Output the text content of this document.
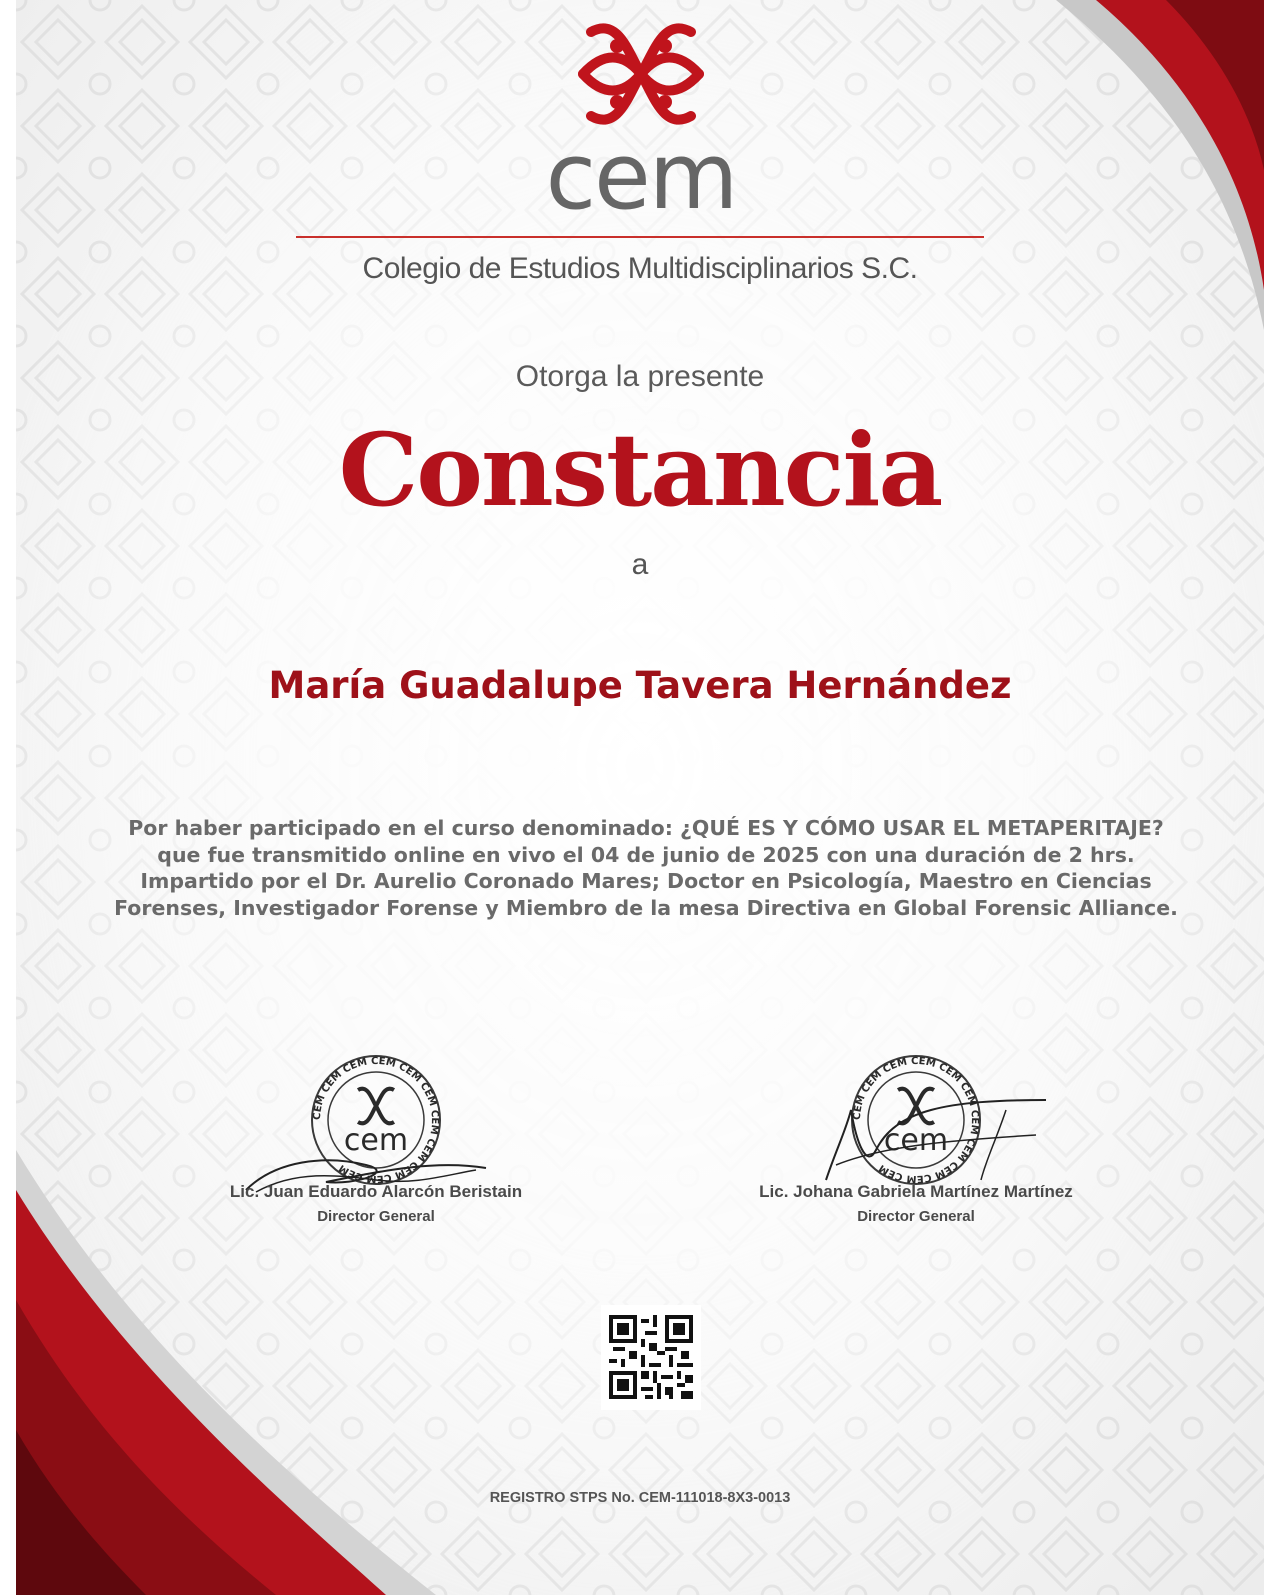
cem
Colegio de Estudios Multidisciplinarios S.C.
Otorga la presente
Constancia
a
María Guadalupe Tavera Hernández
Por haber participado en el curso denominado: ¿QUÉ ES Y CÓMO USAR EL METAPERITAJE? que fue transmitido online en vivo el 04 de junio de 2025 con una duración de 2 hrs. Impartido por el Dr. Aurelio Coronado Mares; Doctor en Psicología, Maestro en Ciencias Forenses, Investigador Forense y Miembro de la mesa Directiva en Global Forensic Alliance.
CEM CEM CEM CEM CEM CEM CEM CEM CEM CEM CEM
cem
Lic. Juan Eduardo Alarcón Beristain
Director General
CEM CEM CEM CEM CEM CEM CEM CEM CEM CEM CEM
cem
Lic. Johana Gabriela Martínez Martínez
Director General
REGISTRO STPS No. CEM-111018-8X3-0013
